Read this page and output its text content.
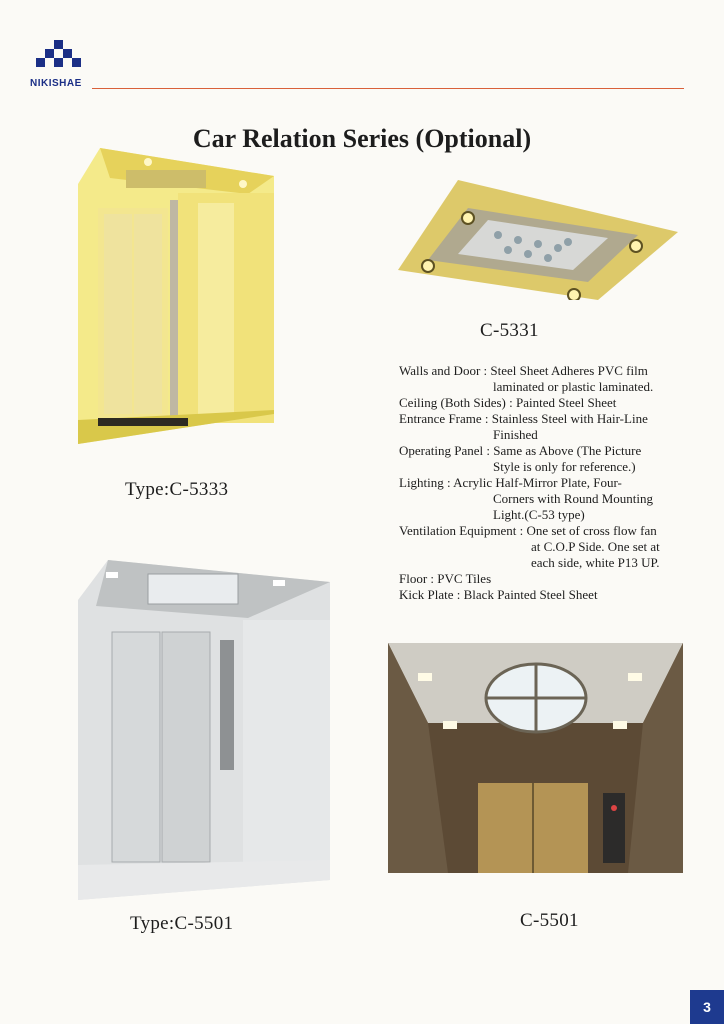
NIKISHAE
Car Relation Series (Optional)
Type:C-5333
C-5331

Walls and Door : Steel Sheet Adheres PVC film

laminated or plastic laminated.

Ceiling (Both Sides) : Painted Steel Sheet

Entrance Frame : Stainless Steel with Hair-Line

Finished

Operating Panel : Same as Above (The Picture

Style is only for reference.)

Lighting : Acrylic Half-Mirror Plate, Four-

Corners with Round Mounting

Light.(C-53 type)

Ventilation Equipment : One set of cross flow fan

at C.O.P Side. One set at

each side, white P13 UP.

Floor : PVC Tiles

Kick Plate : Black Painted Steel Sheet

Type:C-5501	C-5501
3
